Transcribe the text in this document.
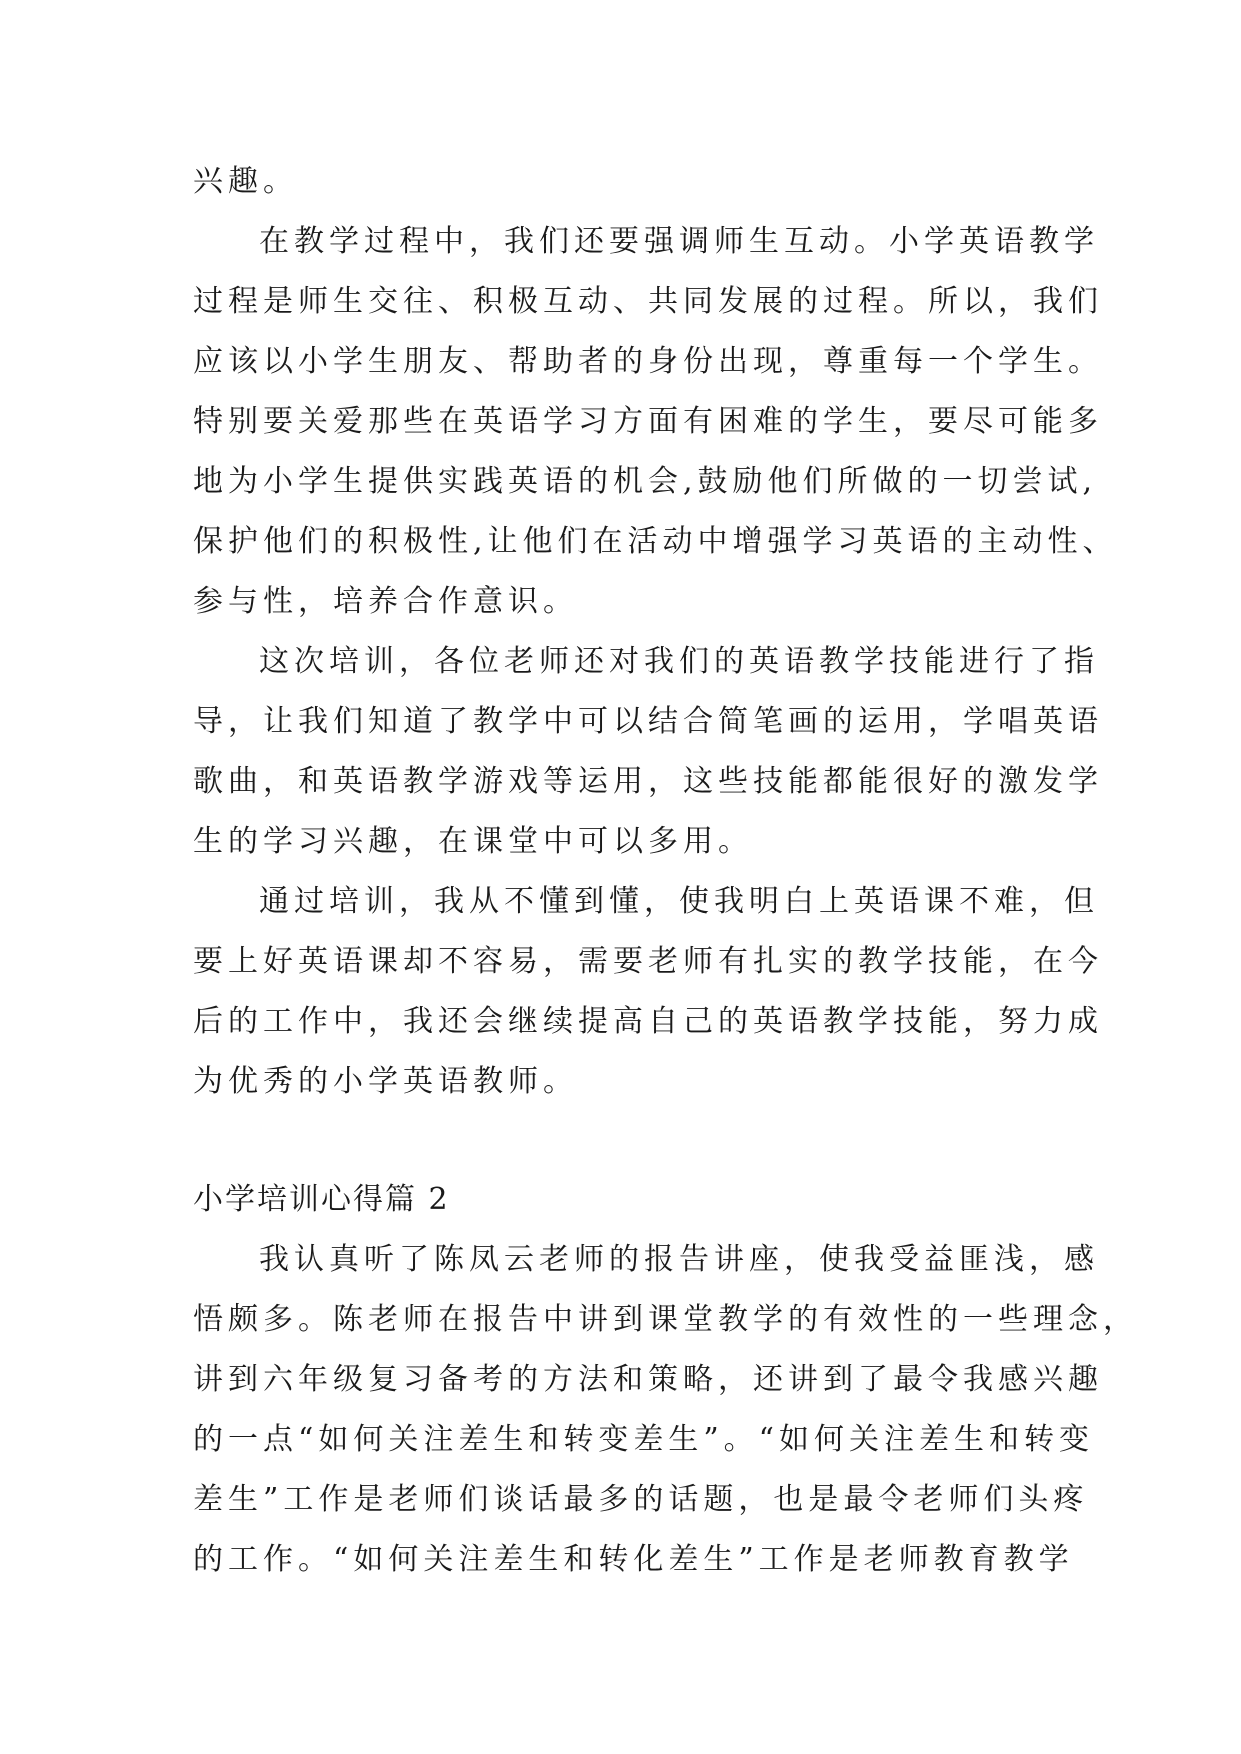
兴趣。
在教学过程中，我们还要强调师生互动。小学英语教学
过程是师生交往、积极互动、共同发展的过程。所以，我们
应该以小学生朋友、帮助者的身份出现，尊重每一个学生。
特别要关爱那些在英语学习方面有困难的学生，要尽可能多
地为小学生提供实践英语的机会,鼓励他们所做的一切尝试,
保护他们的积极性,让他们在活动中增强学习英语的主动性、
参与性，培养合作意识。
这次培训，各位老师还对我们的英语教学技能进行了指
导，让我们知道了教学中可以结合简笔画的运用，学唱英语
歌曲，和英语教学游戏等运用，这些技能都能很好的激发学
生的学习兴趣，在课堂中可以多用。
通过培训，我从不懂到懂，使我明白上英语课不难，但
要上好英语课却不容易，需要老师有扎实的教学技能，在今
后的工作中，我还会继续提高自己的英语教学技能，努力成
为优秀的小学英语教师。
小学培训心得篇 2
我认真听了陈凤云老师的报告讲座，使我受益匪浅，感
悟颇多。陈老师在报告中讲到课堂教学的有效性的一些理念，
讲到六年级复习备考的方法和策略，还讲到了最令我感兴趣
的一点“如何关注差生和转变差生”。“如何关注差生和转变
差生”工作是老师们谈话最多的话题，也是最令老师们头疼
的工作。“如何关注差生和转化差生”工作是老师教育教学
